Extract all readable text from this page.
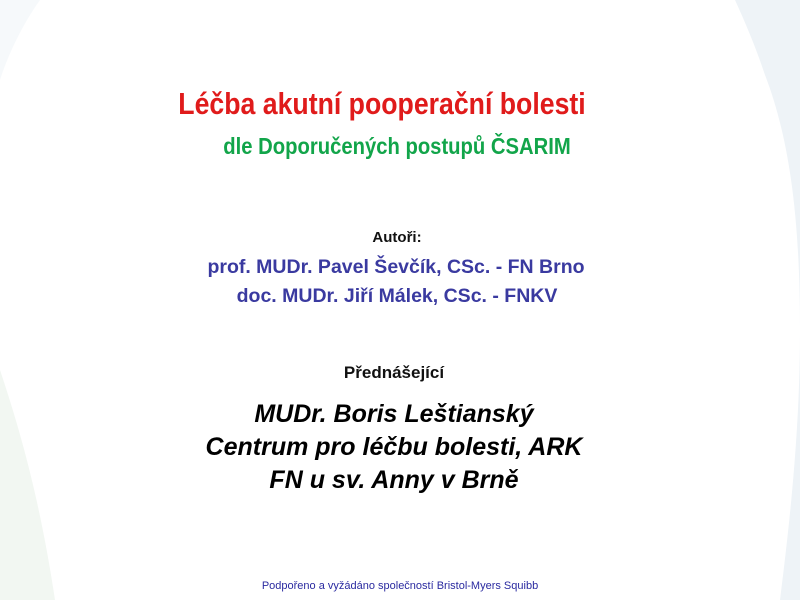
Léčba akutní pooperační bolesti
dle Doporučených postupů ČSARIM
Autoři:
prof. MUDr. Pavel Ševčík, CSc. - FN Brno
doc. MUDr. Jiří Málek, CSc. - FNKV
Přednášející
MUDr. Boris Leštianský
Centrum pro léčbu bolesti, ARK
FN u sv. Anny v Brně
Podpořeno a vyžádáno společností Bristol-Myers Squibb
